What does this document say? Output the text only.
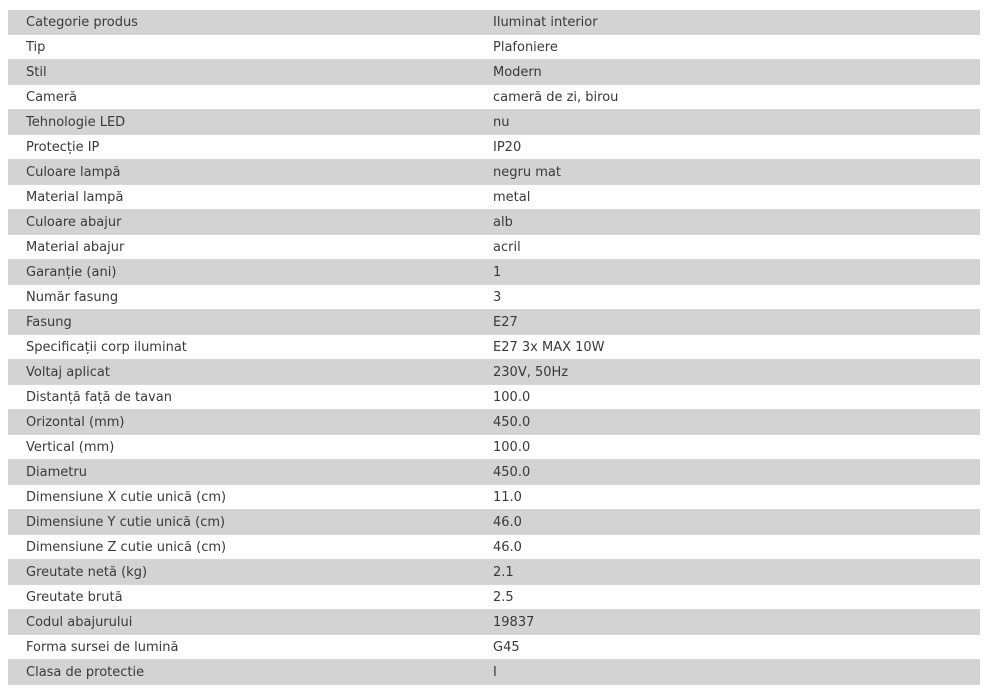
Categorie produs	Iluminat interior
Tip	Plafoniere
Stil	Modern
Cameră	cameră de zi, birou
Tehnologie LED	nu
Protecție IP	IP20
Culoare lampă	negru mat
Material lampă	metal
Culoare abajur	alb
Material abajur	acril
Garanție (ani)	1
Număr fasung	3
Fasung	E27
Specificații corp iluminat	E27 3x MAX 10W
Voltaj aplicat	230V, 50Hz
Distanță față de tavan	100.0
Orizontal (mm)	450.0
Vertical (mm)	100.0
Diametru	450.0
Dimensiune X cutie unică (cm)	11.0
Dimensiune Y cutie unică (cm)	46.0
Dimensiune Z cutie unică (cm)	46.0
Greutate netă (kg)	2.1
Greutate brută	2.5
Codul abajurului	19837
Forma sursei de lumină	G45
Clasa de protectie	I
